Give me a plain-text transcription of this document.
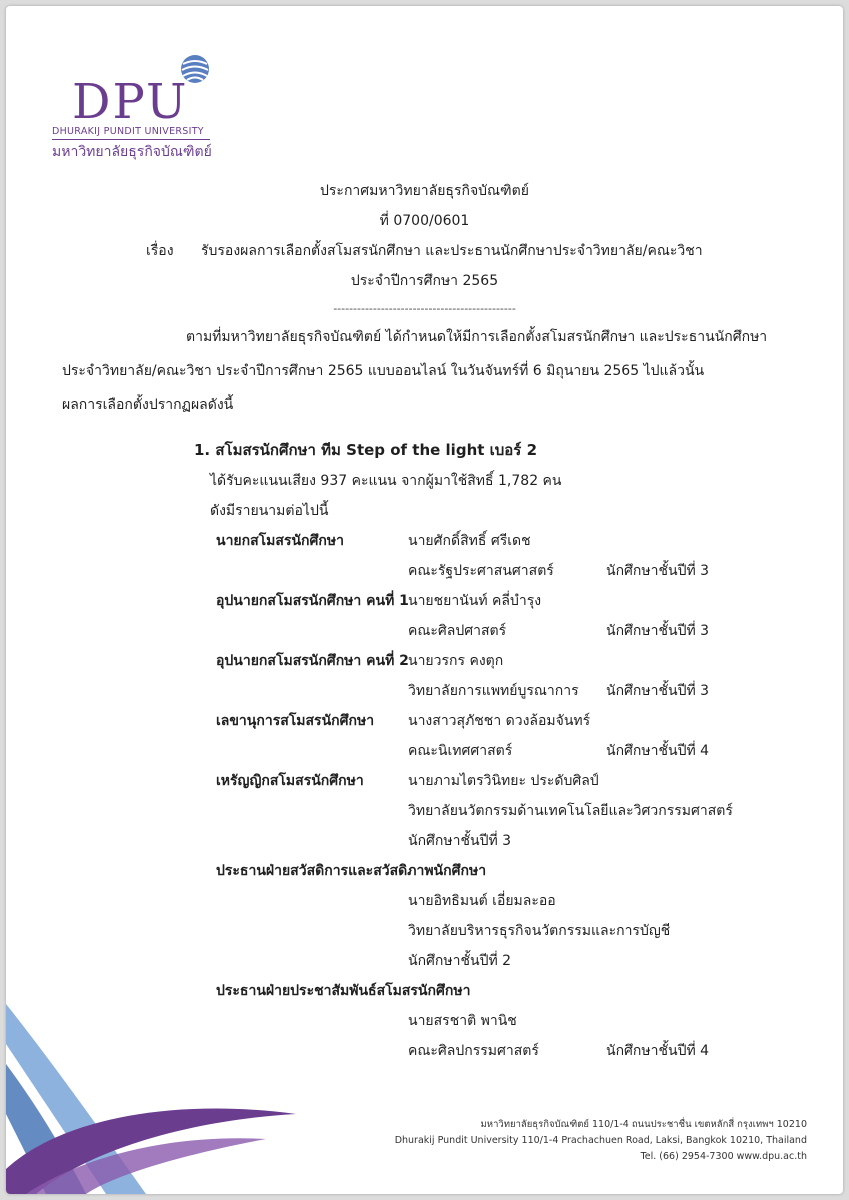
DPU
DHURAKIJ PUNDIT UNIVERSITY
มหาวิทยาลัยธุรกิจบัณฑิตย์
ประกาศมหาวิทยาลัยธุรกิจบัณฑิตย์
ที่ 0700/0601
เรื่อง รับรองผลการเลือกตั้งสโมสรนักศึกษา และประธานนักศึกษาประจำวิทยาลัย/คณะวิชา
ประจำปีการศึกษา 2565
----------------------------------------------
ตามที่มหาวิทยาลัยธุรกิจบัณฑิตย์ ได้กำหนดให้มีการเลือกตั้งสโมสรนักศึกษา และประธานนักศึกษา
ประจำวิทยาลัย/คณะวิชา ประจำปีการศึกษา 2565 แบบออนไลน์ ในวันจันทร์ที่ 6 มิถุนายน 2565 ไปแล้วนั้น
ผลการเลือกตั้งปรากฏผลดังนี้
1. สโมสรนักศึกษา ทีม Step of the light เบอร์ 2
ได้รับคะแนนเสียง 937 คะแนน จากผู้มาใช้สิทธิ์ 1,782 คน
ดังมีรายนามต่อไปนี้
นายกสโมสรนักศึกษา	นายศักดิ์สิทธิ์ ศรีเดช
คณะรัฐประศาสนศาสตร์	นักศึกษาชั้นปีที่ 3
อุปนายกสโมสรนักศึกษา คนที่ 1 นายชยานันท์ คลี่บำรุง
คณะศิลปศาสตร์	นักศึกษาชั้นปีที่ 3
อุปนายกสโมสรนักศึกษา คนที่ 2 นายวรกร คงตุก
วิทยาลัยการแพทย์บูรณาการ นักศึกษาชั้นปีที่ 3
เลขานุการสโมสรนักศึกษา นางสาวสุภัชชา ดวงล้อมจันทร์
คณะนิเทศศาสตร์	นักศึกษาชั้นปีที่ 4
เหรัญญิกสโมสรนักศึกษา	นายภามไตรวินิทยะ ประดับศิลป์
วิทยาลัยนวัตกรรมด้านเทคโนโลยีและวิศวกรรมศาสตร์
นักศึกษาชั้นปีที่ 3
ประธานฝ่ายสวัสดิการและสวัสดิภาพนักศึกษา
นายอิทธิมนต์ เอี่ยมละออ
วิทยาลัยบริหารธุรกิจนวัตกรรมและการบัญชี
นักศึกษาชั้นปีที่ 2
ประธานฝ่ายประชาสัมพันธ์สโมสรนักศึกษา
นายสรชาติ พานิช
คณะศิลปกรรมศาสตร์	นักศึกษาชั้นปีที่ 4
มหาวิทยาลัยธุรกิจบัณฑิตย์ 110/1-4 ถนนประชาชื่น เขตหลักสี่ กรุงเทพฯ 10210
Dhurakij Pundit University 110/1-4 Prachachuen Road, Laksi, Bangkok 10210, Thailand
Tel. (66) 2954-7300 www.dpu.ac.th
